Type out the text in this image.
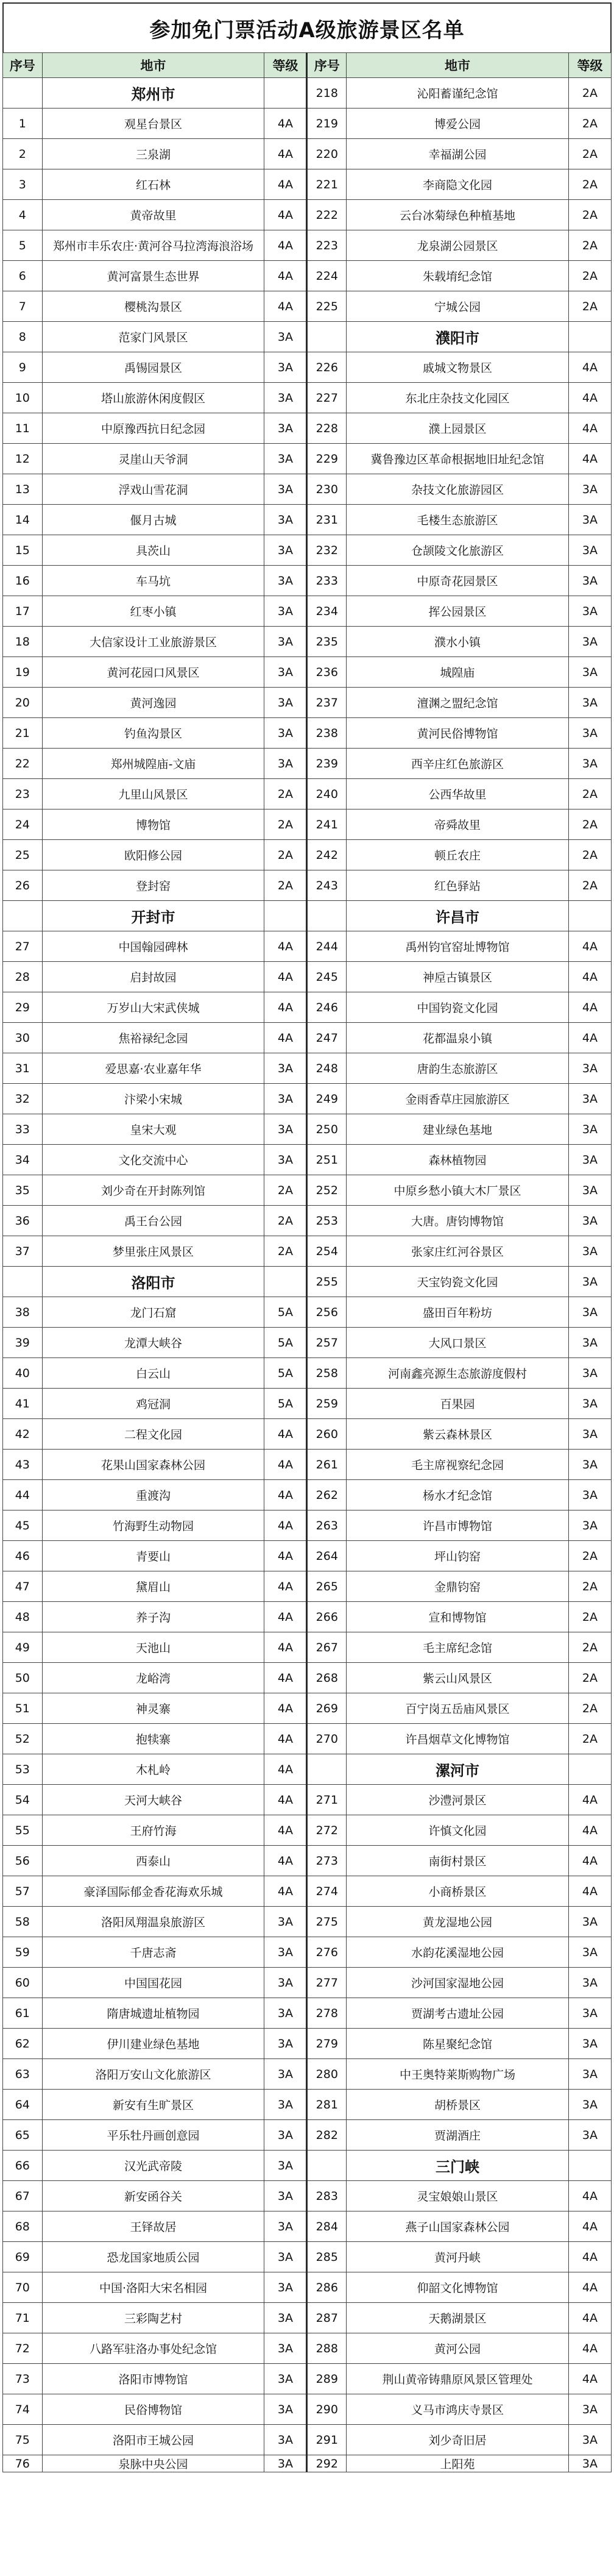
参加免门票活动A级旅游景区名单
序号	地市	等级	序号	地市	等级
	郑州市		218	沁阳蓄谨纪念馆	2A
1	观星台景区	4A	219	博爱公园	2A
2	三泉湖	4A	220	幸福湖公园	2A
3	红石林	4A	221	李商隐文化园	2A
4	黄帝故里	4A	222	云台冰菊绿色种植基地	2A
5	郑州市丰乐农庄·黄河谷马拉湾海浪浴场	4A	223	龙泉湖公园景区	2A
6	黄河富景生态世界	4A	224	朱载堉纪念馆	2A
7	樱桃沟景区	4A	225	宁城公园	2A
8	范家门风景区	3A		濮阳市	
9	禹锡园景区	3A	226	戚城文物景区	4A
10	塔山旅游休闲度假区	3A	227	东北庄杂技文化园区	4A
11	中原豫西抗日纪念园	3A	228	濮上园景区	4A
12	灵崖山天爷洞	3A	229	冀鲁豫边区革命根据地旧址纪念馆	4A
13	浮戏山雪花洞	3A	230	杂技文化旅游园区	3A
14	偃月古城	3A	231	毛楼生态旅游区	3A
15	具茨山	3A	232	仓颉陵文化旅游区	3A
16	车马坑	3A	233	中原奇花园景区	3A
17	红枣小镇	3A	234	挥公园景区	3A
18	大信家设计工业旅游景区	3A	235	濮水小镇	3A
19	黄河花园口风景区	3A	236	城隍庙	3A
20	黄河逸园	3A	237	澶渊之盟纪念馆	3A
21	钓鱼沟景区	3A	238	黄河民俗博物馆	3A
22	郑州城隍庙-文庙	3A	239	西辛庄红色旅游区	3A
23	九里山风景区	2A	240	公西华故里	2A
24	博物馆	2A	241	帝舜故里	2A
25	欧阳修公园	2A	242	顿丘农庄	2A
26	登封窑	2A	243	红色驿站	2A
	开封市			许昌市	
27	中国翰园碑林	4A	244	禹州钧官窑址博物馆	4A
28	启封故园	4A	245	神垕古镇景区	4A
29	万岁山大宋武侠城	4A	246	中国钧瓷文化园	4A
30	焦裕禄纪念园	4A	247	花都温泉小镇	4A
31	爱思嘉·农业嘉年华	3A	248	唐韵生态旅游区	3A
32	汴梁小宋城	3A	249	金雨香草庄园旅游区	3A
33	皇宋大观	3A	250	建业绿色基地	3A
34	文化交流中心	3A	251	森林植物园	3A
35	刘少奇在开封陈列馆	2A	252	中原乡愁小镇大木厂景区	3A
36	禹王台公园	2A	253	大唐。唐钧博物馆	3A
37	梦里张庄风景区	2A	254	张家庄红河谷景区	3A
	洛阳市		255	天宝钧瓷文化园	3A
38	龙门石窟	5A	256	盛田百年粉坊	3A
39	龙潭大峡谷	5A	257	大风口景区	3A
40	白云山	5A	258	河南鑫亮源生态旅游度假村	3A
41	鸡冠洞	5A	259	百果园	3A
42	二程文化园	4A	260	紫云森林景区	3A
43	花果山国家森林公园	4A	261	毛主席视察纪念园	3A
44	重渡沟	4A	262	杨水才纪念馆	3A
45	竹海野生动物园	4A	263	许昌市博物馆	3A
46	青要山	4A	264	坪山钧窑	2A
47	黛眉山	4A	265	金鼎钧窑	2A
48	养子沟	4A	266	宣和博物馆	2A
49	天池山	4A	267	毛主席纪念馆	2A
50	龙峪湾	4A	268	紫云山风景区	2A
51	神灵寨	4A	269	百宁岗五岳庙风景区	2A
52	抱犊寨	4A	270	许昌烟草文化博物馆	2A
53	木札岭	4A		漯河市	
54	天河大峡谷	4A	271	沙澧河景区	4A
55	王府竹海	4A	272	许慎文化园	4A
56	西泰山	4A	273	南街村景区	4A
57	豪泽国际郁金香花海欢乐城	4A	274	小商桥景区	4A
58	洛阳凤翔温泉旅游区	3A	275	黄龙湿地公园	3A
59	千唐志斋	3A	276	水韵花溪湿地公园	3A
60	中国国花园	3A	277	沙河国家湿地公园	3A
61	隋唐城遗址植物园	3A	278	贾湖考古遗址公园	3A
62	伊川建业绿色基地	3A	279	陈星聚纪念馆	3A
63	洛阳万安山文化旅游区	3A	280	中王奥特莱斯购物广场	3A
64	新安有生旷景区	3A	281	胡桥景区	3A
65	平乐牡丹画创意园	3A	282	贾湖酒庄	3A
66	汉光武帝陵	3A		三门峡	
67	新安函谷关	3A	283	灵宝娘娘山景区	4A
68	王铎故居	3A	284	燕子山国家森林公园	4A
69	恐龙国家地质公园	3A	285	黄河丹峡	4A
70	中国·洛阳大宋名相园	3A	286	仰韶文化博物馆	4A
71	三彩陶艺村	3A	287	天鹅湖景区	4A
72	八路军驻洛办事处纪念馆	3A	288	黄河公园	4A
73	洛阳市博物馆	3A	289	荆山黄帝铸鼎原风景区管理处	4A
74	民俗博物馆	3A	290	义马市鸿庆寺景区	3A
75	洛阳市王城公园	3A	291	刘少奇旧居	3A
76	泉脉中央公园	3A	292	上阳苑	3A
